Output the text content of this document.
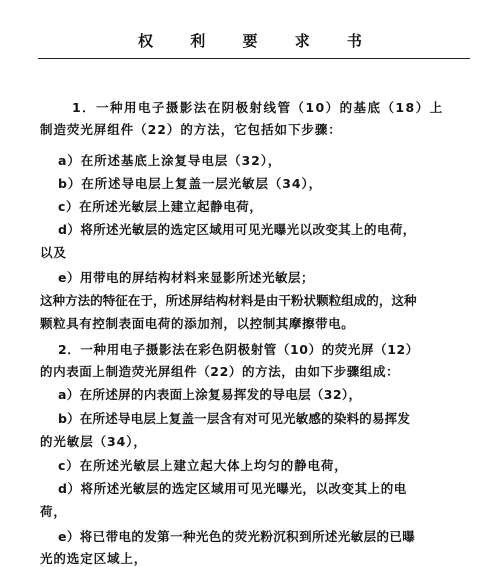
权 利 要 求 书
1．一种用电子摄影法在阴极射线管（10）的基底（18）上
制造荧光屏组件（22）的方法，它包括如下步骤：
a）在所述基底上涂复导电层（32），
b）在所述导电层上复盖一层光敏层（34），
c）在所述光敏层上建立起静电荷，
d）将所述光敏层的选定区域用可见光曝光以改变其上的电荷，
以及
e）用带电的屏结构材料来显影所述光敏层；
这种方法的特征在于，所述屏结构材料是由干粉状颗粒组成的，这种
颗粒具有控制表面电荷的添加剂，以控制其摩擦带电。
2．一种用电子摄影法在彩色阴极射管（10）的荧光屏（12）
的内表面上制造荧光屏组件（22）的方法，由如下步骤组成：
a）在所述屏的内表面上涂复易挥发的导电层（32），
b）在所述导电层上复盖一层含有对可见光敏感的染料的易挥发
的光敏层（34），
c）在所述光敏层上建立起大体上均匀的静电荷，
d）将所述光敏层的选定区域用可见光曝光，以改变其上的电
荷，
e）将已带电的发第一种光色的荧光粉沉积到所述光敏层的已曝
光的选定区域上，
